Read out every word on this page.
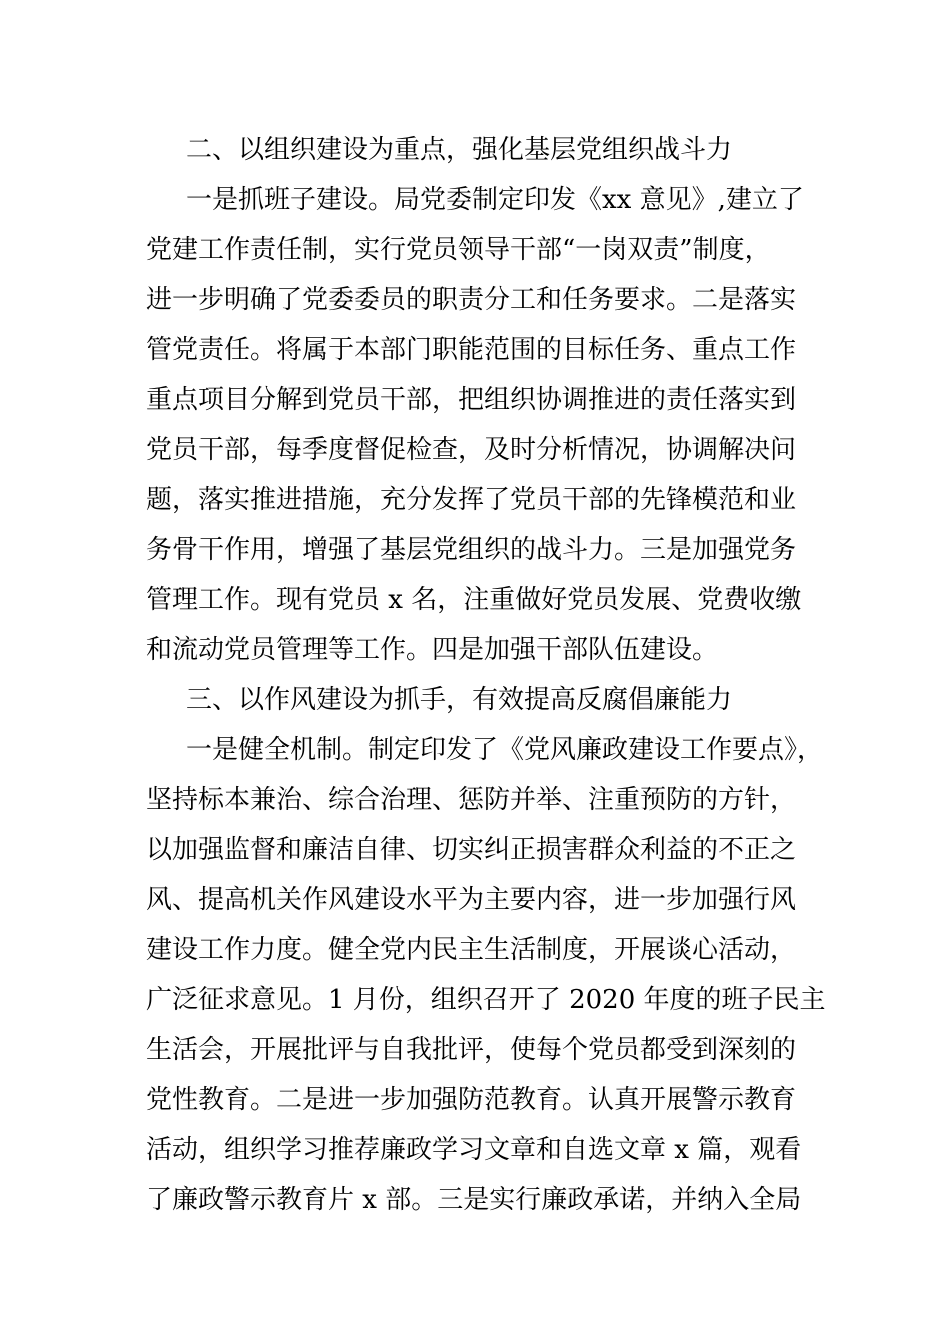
二、以组织建设为重点，强化基层党组织战斗力
一是抓班子建设。局党委制定印发《xx 意见》,建立了
党建工作责任制，实行党员领导干部“一岗双责”制度，
进一步明确了党委委员的职责分工和任务要求。二是落实
管党责任。将属于本部门职能范围的目标任务、重点工作
重点项目分解到党员干部，把组织协调推进的责任落实到
党员干部，每季度督促检查，及时分析情况，协调解决问
题，落实推进措施，充分发挥了党员干部的先锋模范和业
务骨干作用，增强了基层党组织的战斗力。三是加强党务
管理工作。现有党员 x 名，注重做好党员发展、党费收缴
和流动党员管理等工作。四是加强干部队伍建设。
三、以作风建设为抓手，有效提高反腐倡廉能力
一是健全机制。制定印发了《党风廉政建设工作要点》，
坚持标本兼治、综合治理、惩防并举、注重预防的方针，
以加强监督和廉洁自律、切实纠正损害群众利益的不正之
风、提高机关作风建设水平为主要内容，进一步加强行风
建设工作力度。健全党内民主生活制度，开展谈心活动，
广泛征求意见。1 月份，组织召开了 2020 年度的班子民主
生活会，开展批评与自我批评，使每个党员都受到深刻的
党性教育。二是进一步加强防范教育。认真开展警示教育
活动，组织学习推荐廉政学习文章和自选文章 x 篇，观看
了廉政警示教育片 x 部。三是实行廉政承诺，并纳入全局
